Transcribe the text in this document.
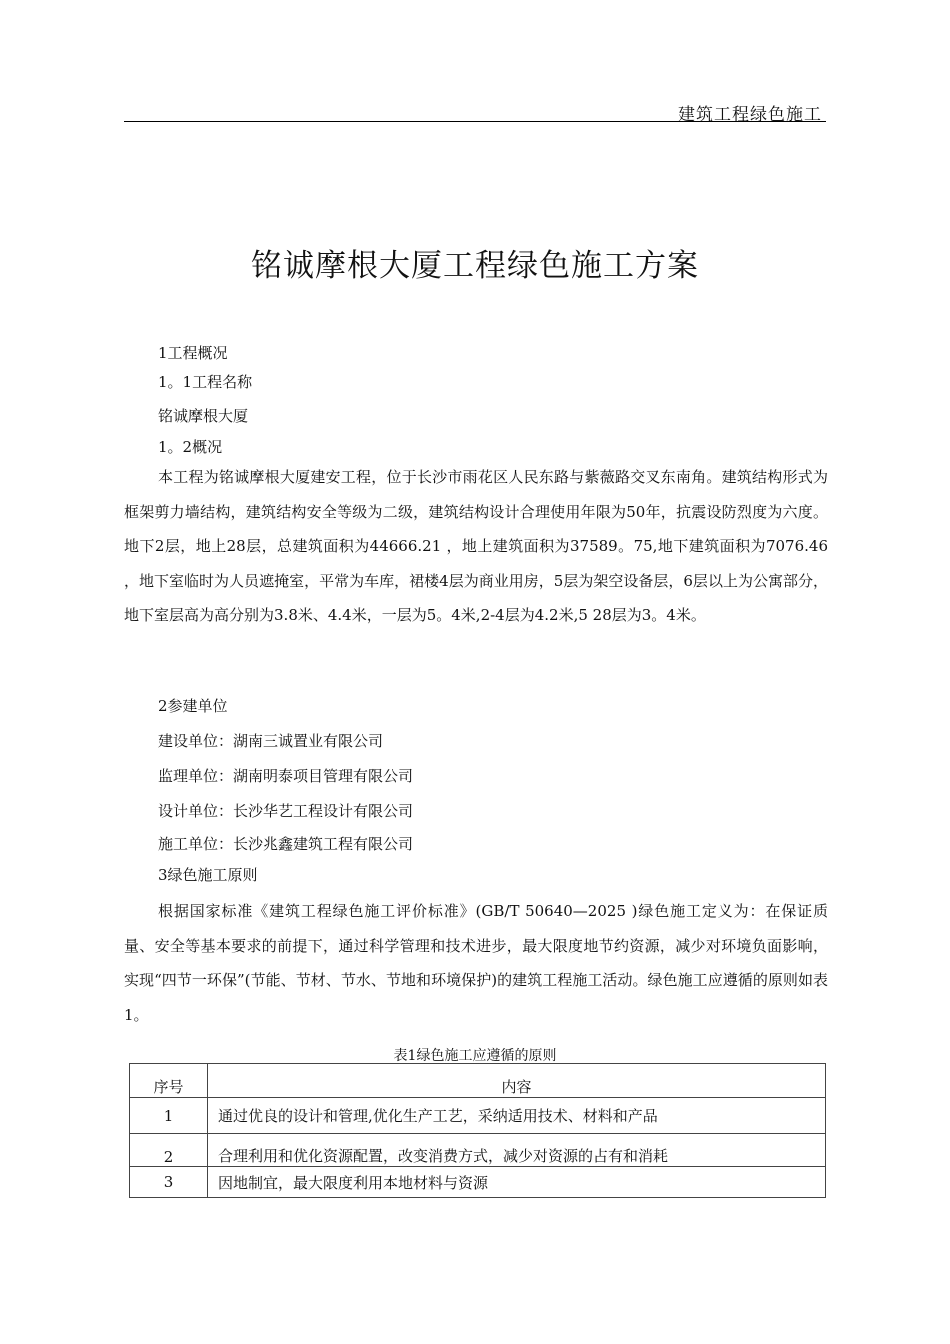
建筑工程绿色施工
铭诚摩根大厦工程绿色施工方案
1工程概况
1。1工程名称
铭诚摩根大厦
1。2概况

本工程为铭诚摩根大厦建安工程，位于长沙市雨花区人民东路与紫薇路交叉东南角。建筑结构形式为框架剪力墙结构，建筑结构安全等级为二级，建筑结构设计合理使用年限为50年，抗震设防烈度为六度。地下2层，地上28层，总建筑面积为44666.21 ，地上建筑面积为37589。75,地下建筑面积为7076.46 ，地下室临时为人员遮掩室，平常为车库，裙楼4层为商业用房，5层为架空设备层，6层以上为公寓部分，地下室层高为高分别为3.8米、4.4米，一层为5。4米,2-4层为4.2米,5 28层为3。4米。

2参建单位
建设单位：湖南三诚置业有限公司
监理单位：湖南明泰项目管理有限公司
设计单位：长沙华艺工程设计有限公司
施工单位：长沙兆鑫建筑工程有限公司
3绿色施工原则

根据国家标准《建筑工程绿色施工评价标准》(GB/T 50640—2025 )绿色施工定义为：在保证质量、安全等基本要求的前提下，通过科学管理和技术进步，最大限度地节约资源，减少对环境负面影响，实现“四节一环保”(节能、节材、节水、节地和环境保护)的建筑工程施工活动。绿色施工应遵循的原则如表1。

表1绿色施工应遵循的原则
序号	内容
1	通过优良的设计和管理,优化生产工艺，采纳适用技术、材料和产品
2	合理利用和优化资源配置，改变消费方式，减少对资源的占有和消耗
3	因地制宜，最大限度利用本地材料与资源
